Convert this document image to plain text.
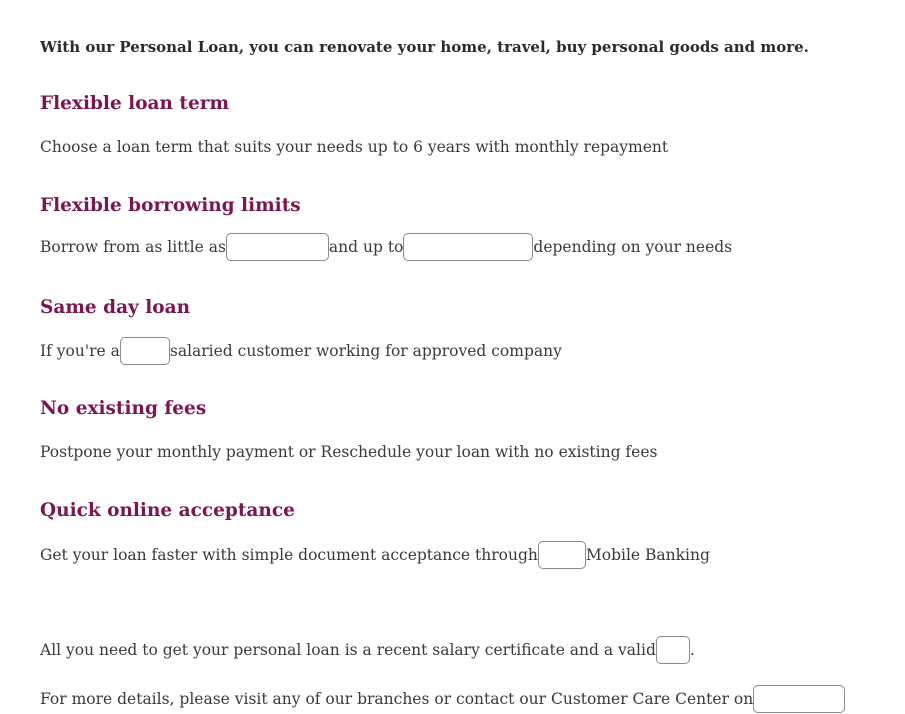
With our Personal Loan, you can renovate your home, travel, buy personal goods and more.
Flexible loan term
Choose a loan term that suits your needs up to 6 years with monthly repayment
Flexible borrowing limits
Borrow from as little as	and up to	depending on your needs
Same day loan
If you're a	salaried customer working for approved company
No existing fees
Postpone your monthly payment or Reschedule your loan with no existing fees
Quick online acceptance
Get your loan faster with simple document acceptance through	Mobile Banking
All you need to get your personal loan is a recent salary certificate and a valid .
For more details, please visit any of our branches or contact our Customer Care Center on
